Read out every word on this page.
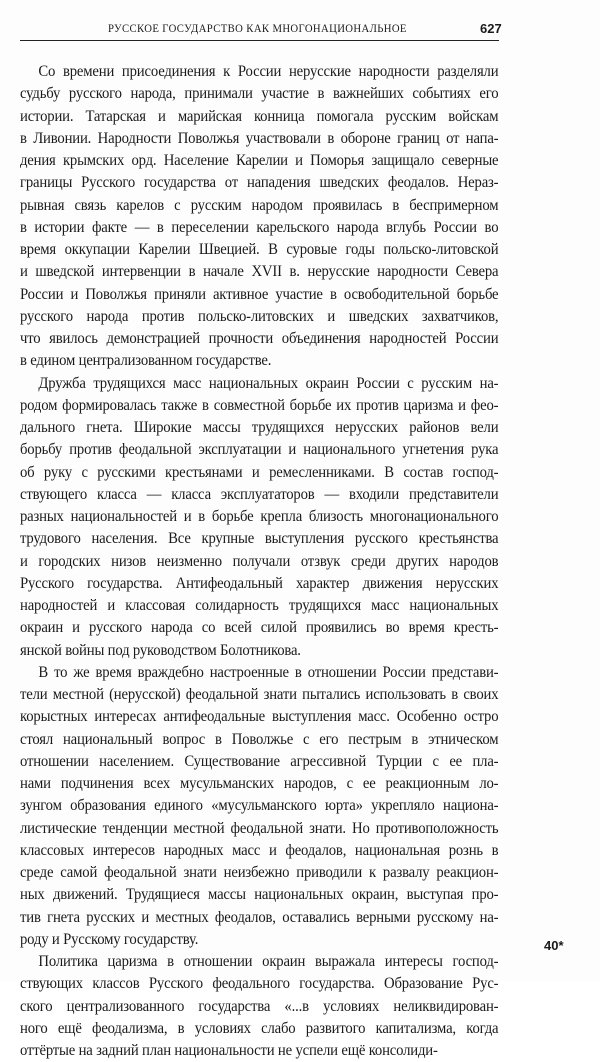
РУССКОЕ ГОСУДАРСТВО КАК МНОГОНАЦИОНАЛЬНОЕ	627
Со времени присоединения к России нерусские народности разделяли
судьбу русского народа, принимали участие в важнейших событиях его
истории. Татарская и марийская конница помогала русским войскам
в Ливонии. Народности Поволжья участвовали в обороне границ от напа-
дения крымских орд. Население Карелии и Поморья защищало северные
границы Русского государства от нападения шведских феодалов. Нераз-
рывная связь карелов с русским народом проявилась в беспримерном
в истории факте — в переселении карельского народа вглубь России во
время оккупации Карелии Швецией. В суровые годы польско-литовской
и шведской интервенции в начале XVII в. нерусские народности Севера
России и Поволжья приняли активное участие в освободительной борьбе
русского народа против польско-литовских и шведских захватчиков,
что явилось демонстрацией прочности объединения народностей России
в едином централизованном государстве.
Дружба трудящихся масс национальных окраин России с русским на-
родом формировалась также в совместной борьбе их против царизма и фео-
дального гнета. Широкие массы трудящихся нерусских районов вели
борьбу против феодальной эксплуатации и национального угнетения рука
об руку с русскими крестьянами и ремесленниками. В состав господ-
ствующего класса — класса эксплуататоров — входили представители
разных национальностей и в борьбе крепла близость многонационального
трудового населения. Все крупные выступления русского крестьянства
и городских низов неизменно получали отзвук среди других народов
Русского государства. Антифеодальный характер движения нерусских
народностей и классовая солидарность трудящихся масс национальных
окраин и русского народа со всей силой проявились во время кресть-
янской войны под руководством Болотникова.
В то же время враждебно настроенные в отношении России представи-
тели местной (нерусской) феодальной знати пытались использовать в своих
корыстных интересах антифеодальные выступления масс. Особенно остро
стоял национальный вопрос в Поволжье с его пестрым в этническом
отношении населением. Существование агрессивной Турции с ее пла-
нами подчинения всех мусульманских народов, с ее реакционным ло-
зунгом образования единого «мусульманского юрта» укрепляло национа-
листические тенденции местной феодальной знати. Но противоположность
классовых интересов народных масс и феодалов, национальная рознь в
среде самой феодальной знати неизбежно приводили к развалу реакцион-
ных движений. Трудящиеся массы национальных окраин, выступая про-
тив гнета русских и местных феодалов, оставались верными русскому на-
роду и Русскому государству.
Политика царизма в отношении окраин выражала интересы господ-
ствующих классов Русского феодального государства. Образование Рус-
ского централизованного государства «...в условиях неликвидирован-
ного ещё феодализма, в условиях слабо развитого капитализма, когда
оттёртые на задний план национальности не успели ещё консолиди-
40*
